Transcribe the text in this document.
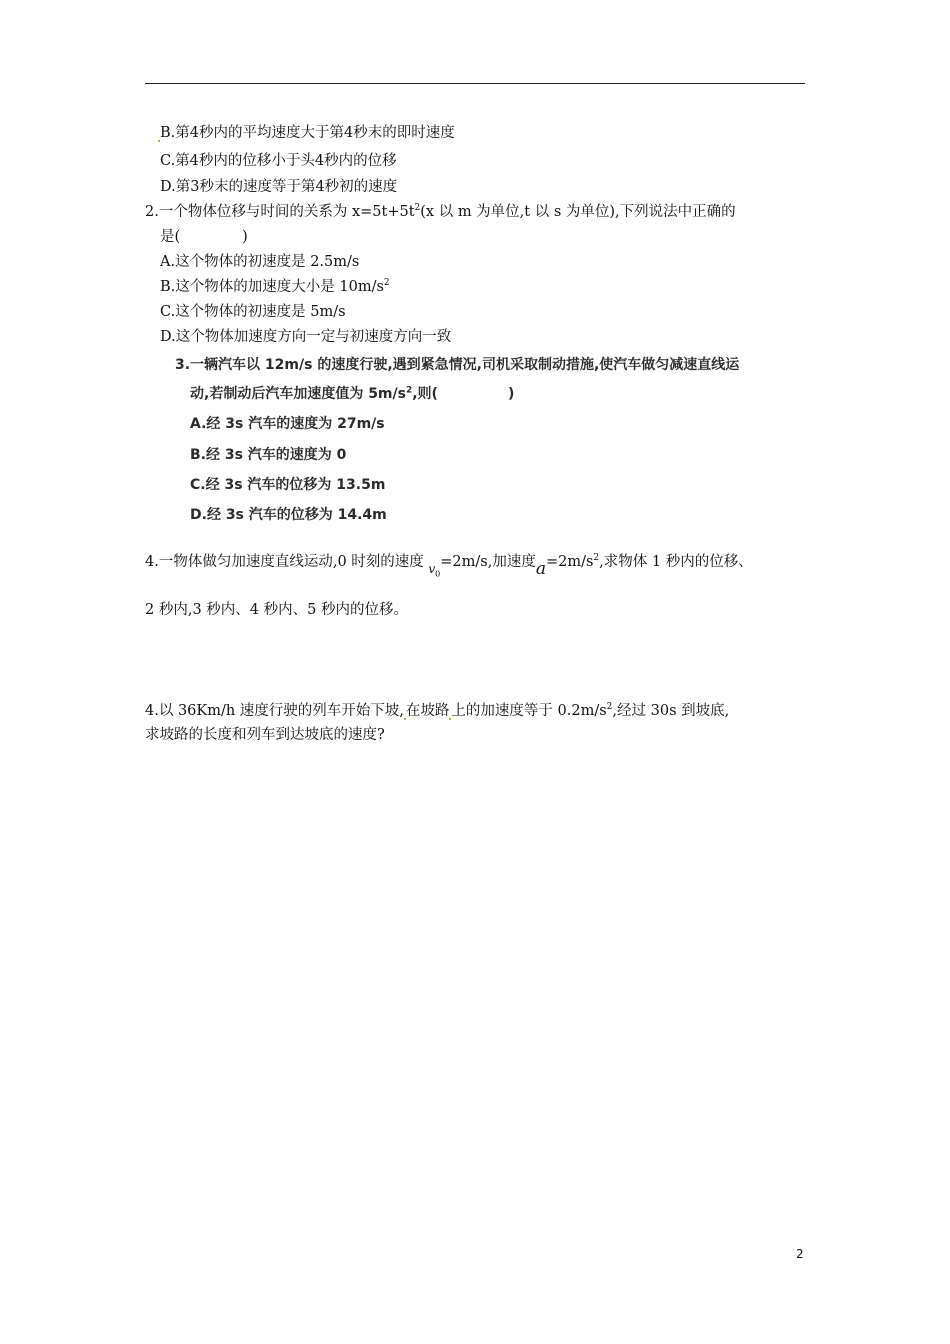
B.第4秒内的平均速度大于第4秒末的即时速度
C.第4秒内的位移小于头4秒内的位移
D.第3秒末的速度等于第4秒初的速度
2.一个物体位移与时间的关系为 $x=5t+5t^2(x$ 以 m 为单位,t 以 s 为单位),下列说法中正确的
是(	)
A.这个物体的初速度是 2.5m/s
B.这个物体的加速度大小是 $10m/s^2$
C.这个物体的初速度是 5m/s
D.这个物体加速度方向一定与初速度方向一致
3.一辆汽车以 12m/s 的速度行驶,遇到紧急情况,司机采取制动措施,使汽车做匀减速直线运
动,若制动后汽车加速度值为 $5m/s^2$,则(	)
A.经 3s 汽车的速度为 27m/s
B.经 3s 汽车的速度为 0
C.经 3s 汽车的位移为 13.5m
D.经 3s 汽车的位移为 14.4m
4.一物体做匀加速度直线运动,0 时刻的速度 $_{v_0}$=2m/s,加速度$a=2m/s^2$,求物体 1 秒内的位移、
2 秒内,3 秒内、4 秒内、5 秒内的位移。
4.以 36Km/h 速度行驶的列车开始下坡, 在坡路 上的加速度等于 $0.2m/s^2$,经过 30s 到坡底,
求坡路的长度和列车到达坡底的速度?
2
